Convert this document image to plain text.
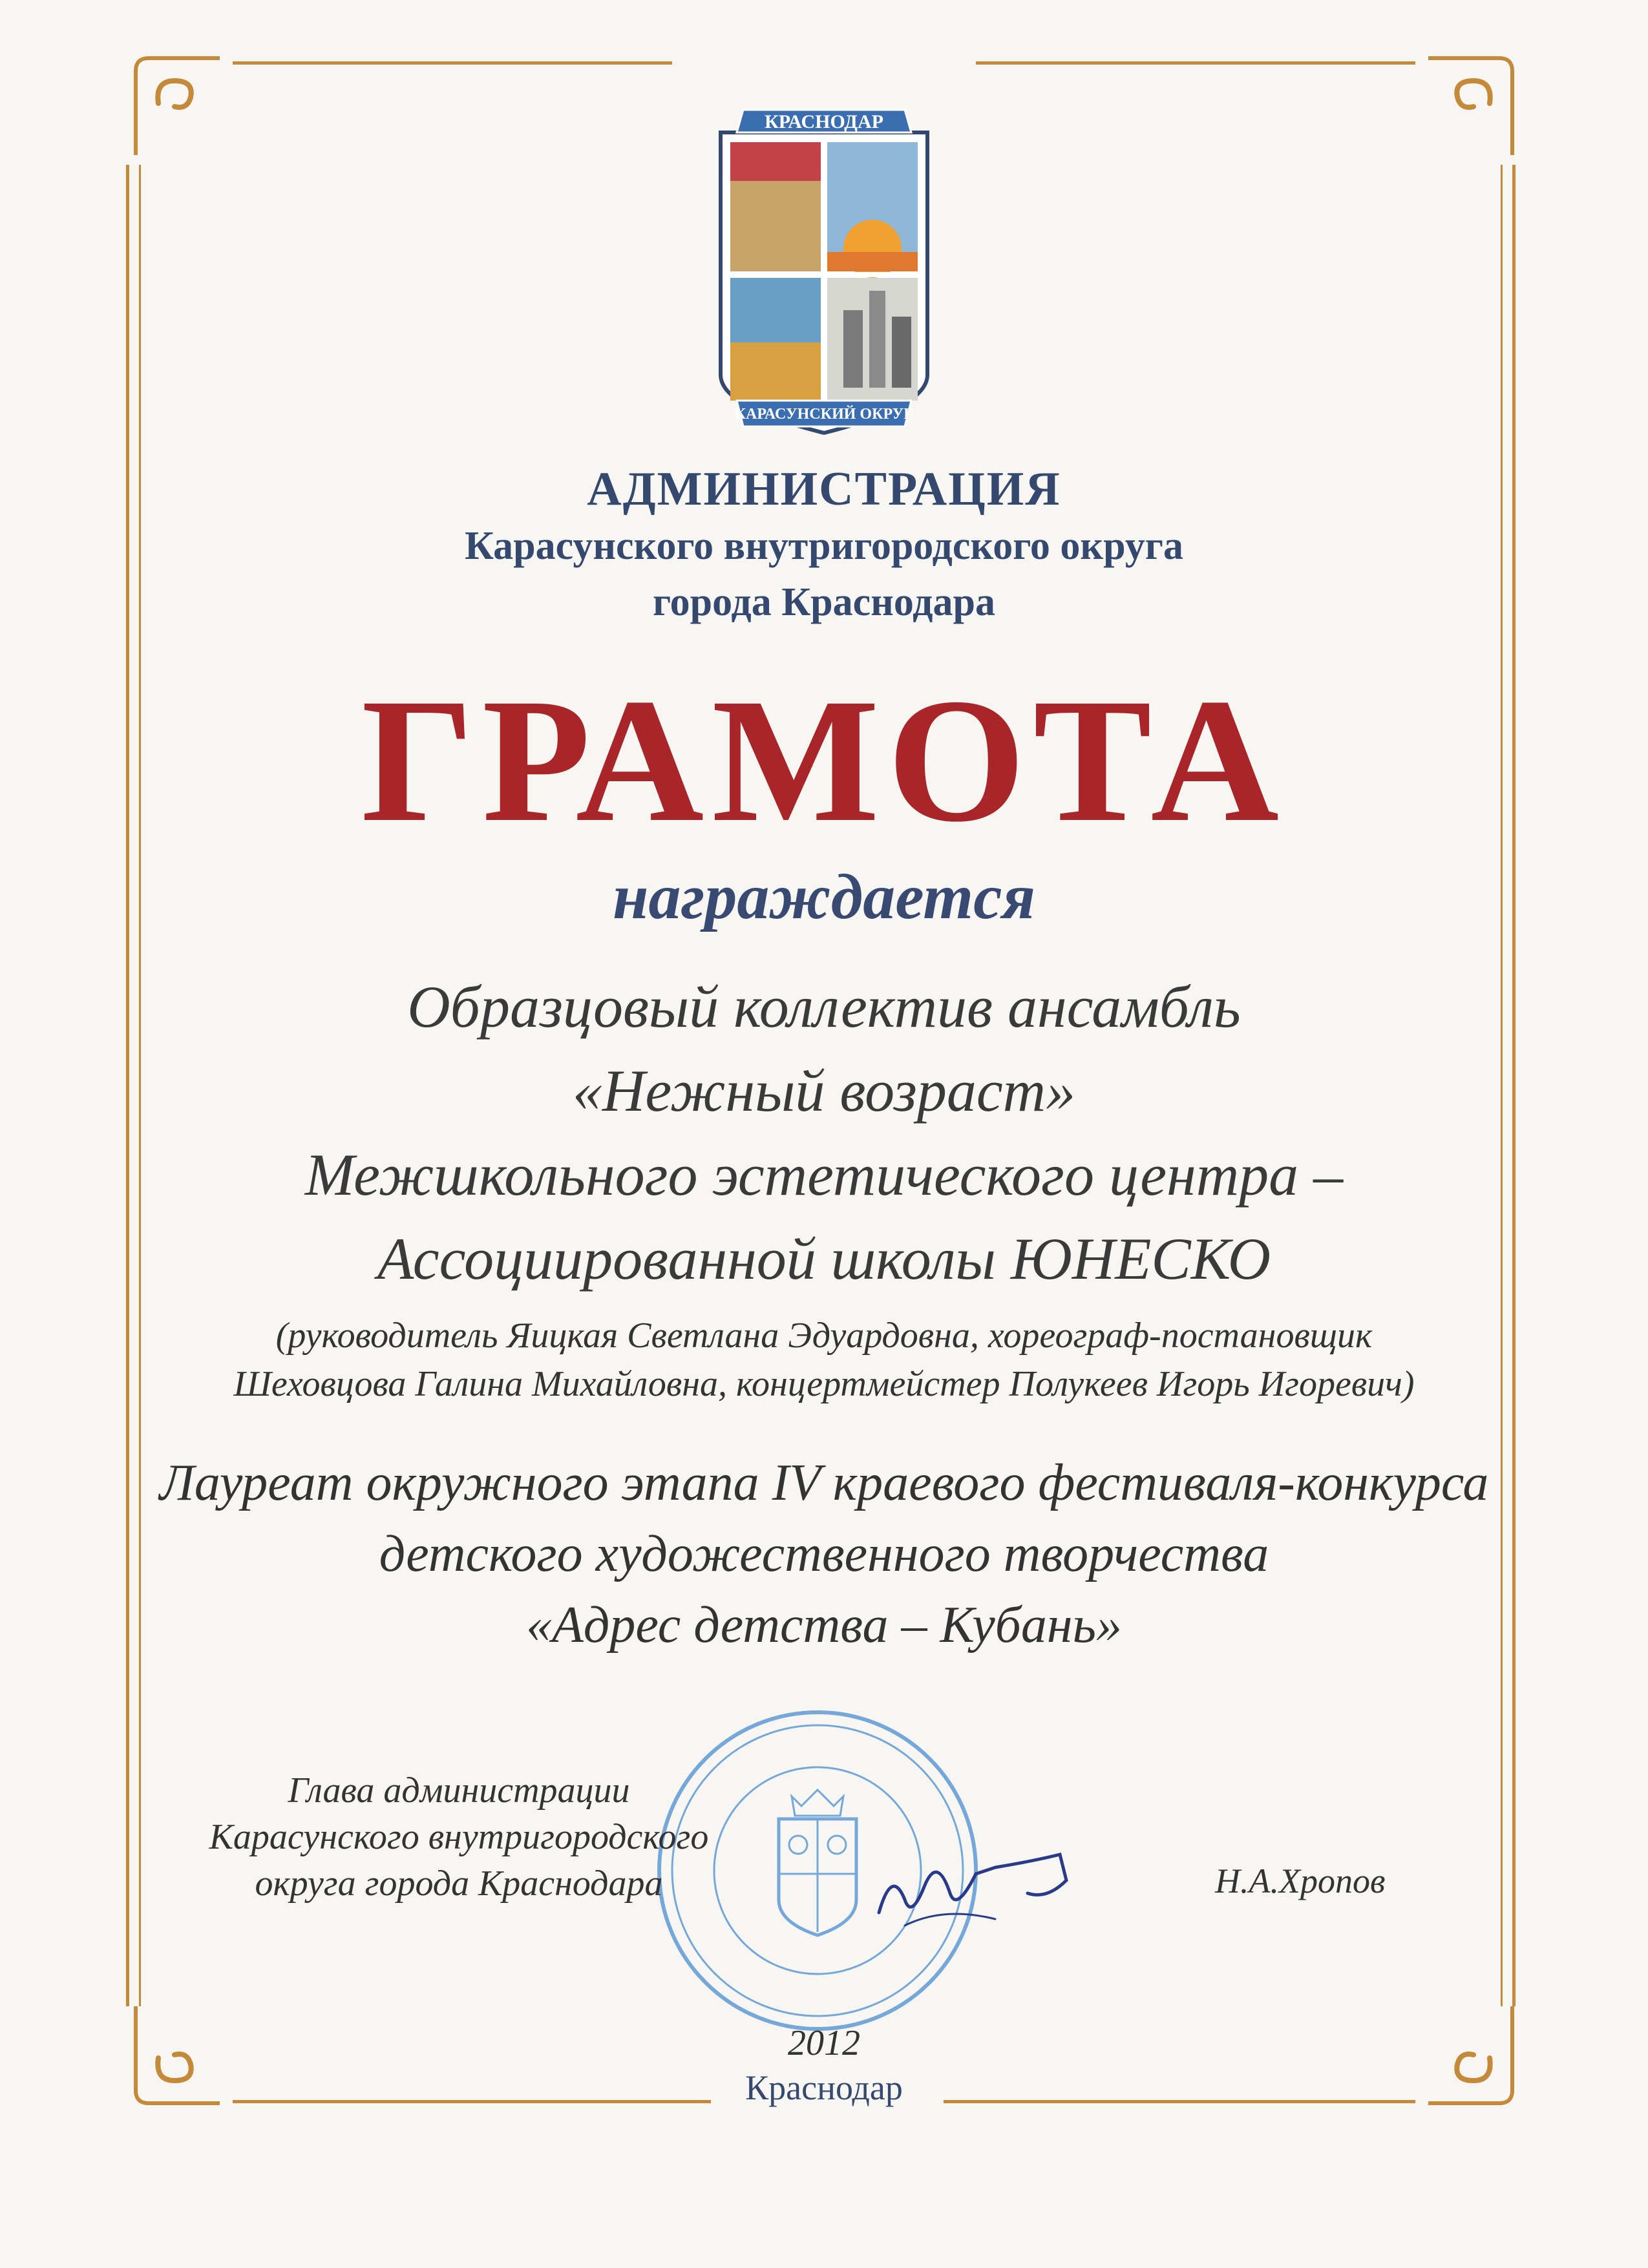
КРАСНОДАР
КАРАСУНСКИЙ ОКРУГ
АДМИНИСТРАЦИЯ
Карасунского внутригородского округа
города Краснодара
ГРАМОТА
награждается
Образцовый коллектив ансамбль
«Нежный возраст»
Межшкольного эстетического центра –
Ассоциированной школы ЮНЕСКО
(руководитель Яицкая Светлана Эдуардовна, хореограф-постановщик
Шеховцова Галина Михайловна, концертмейстер Полукеев Игорь Игоревич)
Лауреат окружного этапа IV краевого фестиваля-конкурса
детского художественного творчества
«Адрес детства – Кубань»
Глава администрации
Карасунского внутригородского
округа города Краснодара	Н.А.Хропов
2012
Краснодар
